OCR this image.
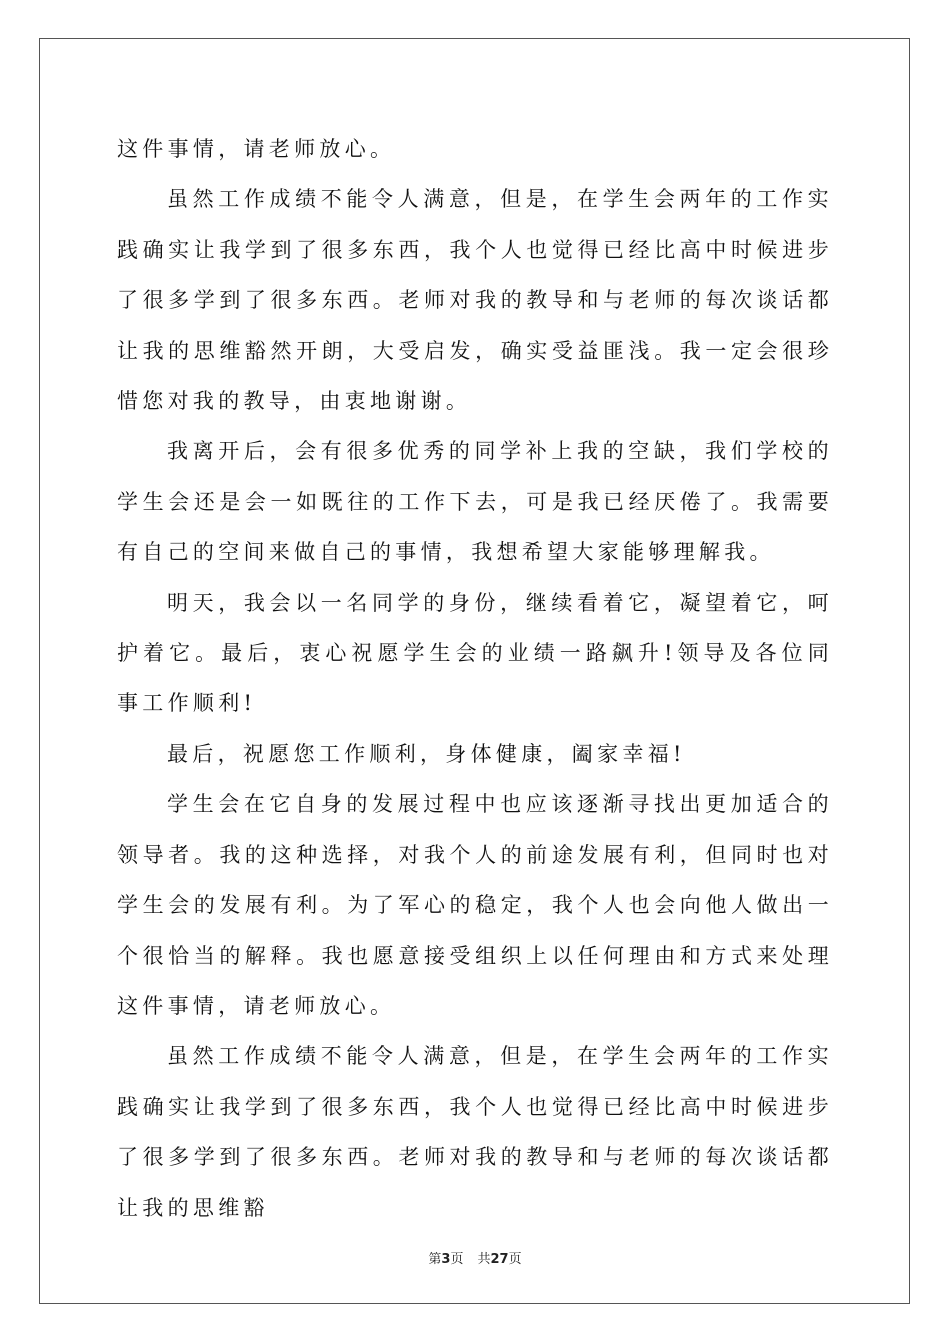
这件事情，请老师放心。

虽然工作成绩不能令人满意，但是，在学生会两年的工作实践确实让我学到了很多东西，我个人也觉得已经比高中时候进步了很多学到了很多东西。老师对我的教导和与老师的每次谈话都让我的思维豁然开朗，大受启发，确实受益匪浅。我一定会很珍惜您对我的教导，由衷地谢谢。

我离开后，会有很多优秀的同学补上我的空缺，我们学校的学生会还是会一如既往的工作下去，可是我已经厌倦了。我需要有自己的空间来做自己的事情，我想希望大家能够理解我。

明天，我会以一名同学的身份，继续看着它，凝望着它，呵护着它。最后，衷心祝愿学生会的业绩一路飙升!领导及各位同事工作顺利!

最后，祝愿您工作顺利，身体健康，阖家幸福!

学生会在它自身的发展过程中也应该逐渐寻找出更加适合的领导者。我的这种选择，对我个人的前途发展有利，但同时也对学生会的发展有利。为了军心的稳定，我个人也会向他人做出一个很恰当的解释。我也愿意接受组织上以任何理由和方式来处理这件事情，请老师放心。

虽然工作成绩不能令人满意，但是，在学生会两年的工作实践确实让我学到了很多东西，我个人也觉得已经比高中时候进步了很多学到了很多东西。老师对我的教导和与老师的每次谈话都让我的思维豁

第3页 共27页
